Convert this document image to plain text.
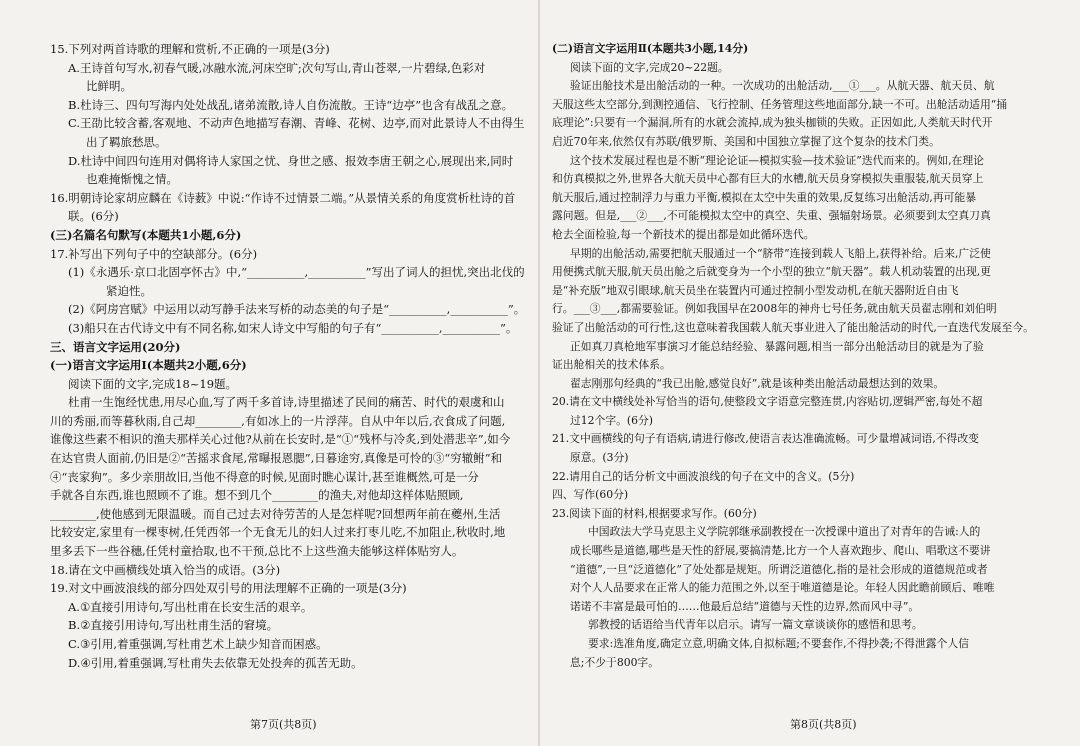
15.下列对两首诗歌的理解和赏析,不正确的一项是(3分)
A.王诗首句写水,初春气暖,冰融水流,河床空旷;次句写山,青山苍翠,一片碧绿,色彩对
比鲜明。
B.杜诗三、四句写海内处处战乱,诸弟流散,诗人自伤流散。王诗“边亭”也含有战乱之意。
C.王劭比较含蓄,客观地、不动声色地描写春潮、青峰、花树、边亭,而对此景诗人不由得生
出了羁旅愁思。
D.杜诗中间四句连用对偶将诗人家国之忧、身世之感、报效李唐王朝之心,展现出来,同时
也难掩惭愧之情。
16.明朝诗论家胡应麟在《诗薮》中说:“作诗不过情景二端。”从景情关系的角度赏析杜诗的首
联。(6分)
(三)名篇名句默写(本题共1小题,6分)
17.补写出下列句子中的空缺部分。(6分)
(1)《永遇乐·京口北固亭怀古》中,“__________,__________”写出了词人的担忧,突出北伐的
紧迫性。
(2)《阿房宫赋》中运用以动写静手法来写桥的动态美的句子是“__________,__________”。
(3)船只在古代诗文中有不同名称,如宋人诗文中写船的句子有“__________,__________”。
三、语言文字运用(20分)
(一)语言文字运用Ⅰ(本题共2小题,6分)
阅读下面的文字,完成18~19题。
杜甫一生饱经忧患,用尽心血,写了两千多首诗,诗里描述了民间的痛苦、时代的艰虞和山
川的秀丽,而等暮秋雨,自己却________,有如冰上的一片浮萍。自从中年以后,衣食成了问题,
谁像这些素不相识的渔夫那样关心过他?从前在长安时,是“①“残杯与冷炙,到处潜悲辛”,如今
在达官贵人面前,仍旧是②“苦摇求食尾,常曝报恩腮”,日暮途穷,真像是可怜的③“穷辙鲋”和
④“丧家狗”。多少亲朋故旧,当他不得意的时候,见面时瞧心谋计,甚至谁概然,可是一分
手就各自东西,谁也照顾不了谁。想不到几个________的渔夫,对他却这样体贴照顾,
________,使他感到无限温暖。而自己过去对待劳苦的人是怎样呢?回想两年前在夔州,生活
比较安定,家里有一棵枣树,任凭西邻一个无食无儿的妇人过来打枣儿吃,不加阻止,秋收时,地
里多丢下一些谷穗,任凭村童拾取,也不干预,总比不上这些渔夫能够这样体贴穷人。
18.请在文中画横线处填入恰当的成语。(3分)
19.对文中画波浪线的部分四处双引号的用法理解不正确的一项是(3分)
A.①直接引用诗句,写出杜甫在长安生活的艰辛。
B.②直接引用诗句,写出杜甫生活的窘境。
C.③引用,着重强调,写杜甫艺术上缺少知音而困惑。
D.④引用,着重强调,写杜甫失去依靠无处投奔的孤苦无助。
第7页(共8页)
(二)语言文字运用Ⅱ(本题共3小题,14分)
阅读下面的文字,完成20~22题。
验证出舱技术是出舱活动的一种。一次成功的出舱活动,___①___。从航天器、航天员、航
天服这些太空部分,到测控通信、飞行控制、任务管理这些地面部分,缺一不可。出舱活动适用“捅
底理论”:只要有一个漏洞,所有的水就会流掉,成为独头枷锁的失败。正因如此,人类航天时代开
启近70年来,依然仅有苏联/俄罗斯、美国和中国独立掌握了这个复杂的技术门类。
这个技术发展过程也是不断“理论论证—模拟实验—技术验证”迭代而来的。例如,在理论
和仿真模拟之外,世界各大航天员中心都有巨大的水槽,航天员身穿模拟失重服装,航天员穿上
航天服后,通过控制浮力与重力平衡,模拟在太空中失重的效果,反复练习出舱活动,再可能暴
露问题。但是,___②___,不可能模拟太空中的真空、失重、强辐射场景。必须要到太空真刀真
枪去全面检验,每一个新技术的提出都是如此循环迭代。
早期的出舱活动,需要把航天服通过一个“脐带”连接到载人飞船上,获得补给。后来,广泛使
用便携式航天服,航天员出舱之后就变身为一个小型的独立“航天器”。载人机动装置的出现,更
是“补充版”地双引眼球,航天员坐在装置内可通过控制小型发动机,在航天器附近自由飞
行。___③___,都需要验证。例如我国早在2008年的神舟七号任务,就由航天员翟志刚和刘伯明
验证了出舱活动的可行性,这也意味着我国载人航天事业进入了能出舱活动的时代,一直迭代发展至今。
正如真刀真枪地军事演习才能总结经验、暴露问题,相当一部分出舱活动目的就是为了验
证出舱相关的技术体系。
翟志刚那句经典的“我已出舱,感觉良好”,就是该种类出舱活动最想达到的效果。
20.请在文中横线处补写恰当的语句,使整段文字语意完整连贯,内容贴切,逻辑严密,每处不超
过12个字。(6分)
21.文中画横线的句子有语病,请进行修改,使语言表达准确流畅。可少量增减词语,不得改变
原意。(3分)
22.请用自己的话分析文中画波浪线的句子在文中的含义。(5分)
四、写作(60分)
23.阅读下面的材料,根据要求写作。(60分)
中国政法大学马克思主义学院郭继承副教授在一次授课中道出了对青年的告诫:人的
成长哪些是道德,哪些是天性的舒展,要搞清楚,比方一个人喜欢跑步、爬山、唱歌这不要讲
“道德”,一旦“泛道德化”了处处都是规矩。所谓泛道德化,指的是社会形成的道德规范或者
对个人人品要求在正常人的能力范围之外,以至于唯道德是论。年轻人因此瞻前顾后、唯唯
诺诺不丰富是最可怕的……他最后总结“道德与天性的边界,然而风中寻”。
郭教授的话语给当代青年以启示。请写一篇文章谈谈你的感悟和思考。
要求:选准角度,确定立意,明确文体,自拟标题;不要套作,不得抄袭;不得泄露个人信
息;不少于800字。
第8页(共8页)
